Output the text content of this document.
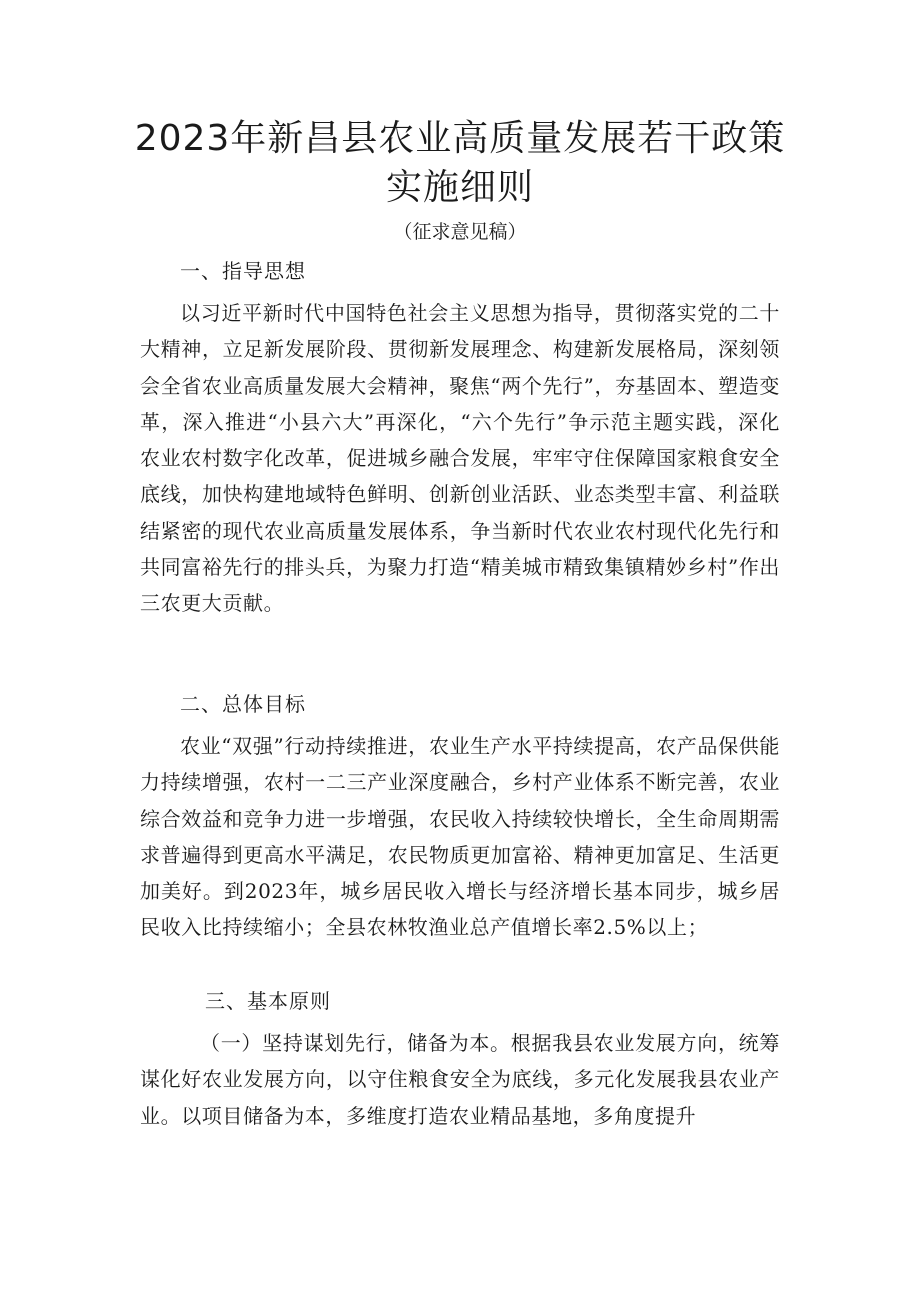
2023年新昌县农业高质量发展若干政策
实施细则
（征求意见稿）
一、指导思想
以习近平新时代中国特色社会主义思想为指导，贯彻落实党的二十大精神，立足新发展阶段、贯彻新发展理念、构建新发展格局，深刻领会全省农业高质量发展大会精神，聚焦“两个先行”，夯基固本、塑造变革，深入推进“小县六大”再深化，“六个先行”争示范主题实践，深化农业农村数字化改革，促进城乡融合发展，牢牢守住保障国家粮食安全底线，加快构建地域特色鲜明、创新创业活跃、业态类型丰富、利益联结紧密的现代农业高质量发展体系，争当新时代农业农村现代化先行和共同富裕先行的排头兵，为聚力打造“精美城市精致集镇精妙乡村”作出三农更大贡献。
二、总体目标
农业“双强”行动持续推进，农业生产水平持续提高，农产品保供能力持续增强，农村一二三产业深度融合，乡村产业体系不断完善，农业综合效益和竞争力进一步增强，农民收入持续较快增长，全生命周期需求普遍得到更高水平满足，农民物质更加富裕、精神更加富足、生活更加美好。到2023年，城乡居民收入增长与经济增长基本同步，城乡居民收入比持续缩小；全县农林牧渔业总产值增长率2.5%以上；
三、基本原则
（一）坚持谋划先行，储备为本。根据我县农业发展方向，统筹谋化好农业发展方向，以守住粮食安全为底线，多元化发展我县农业产业。以项目储备为本，多维度打造农业精品基地，多角度提升
